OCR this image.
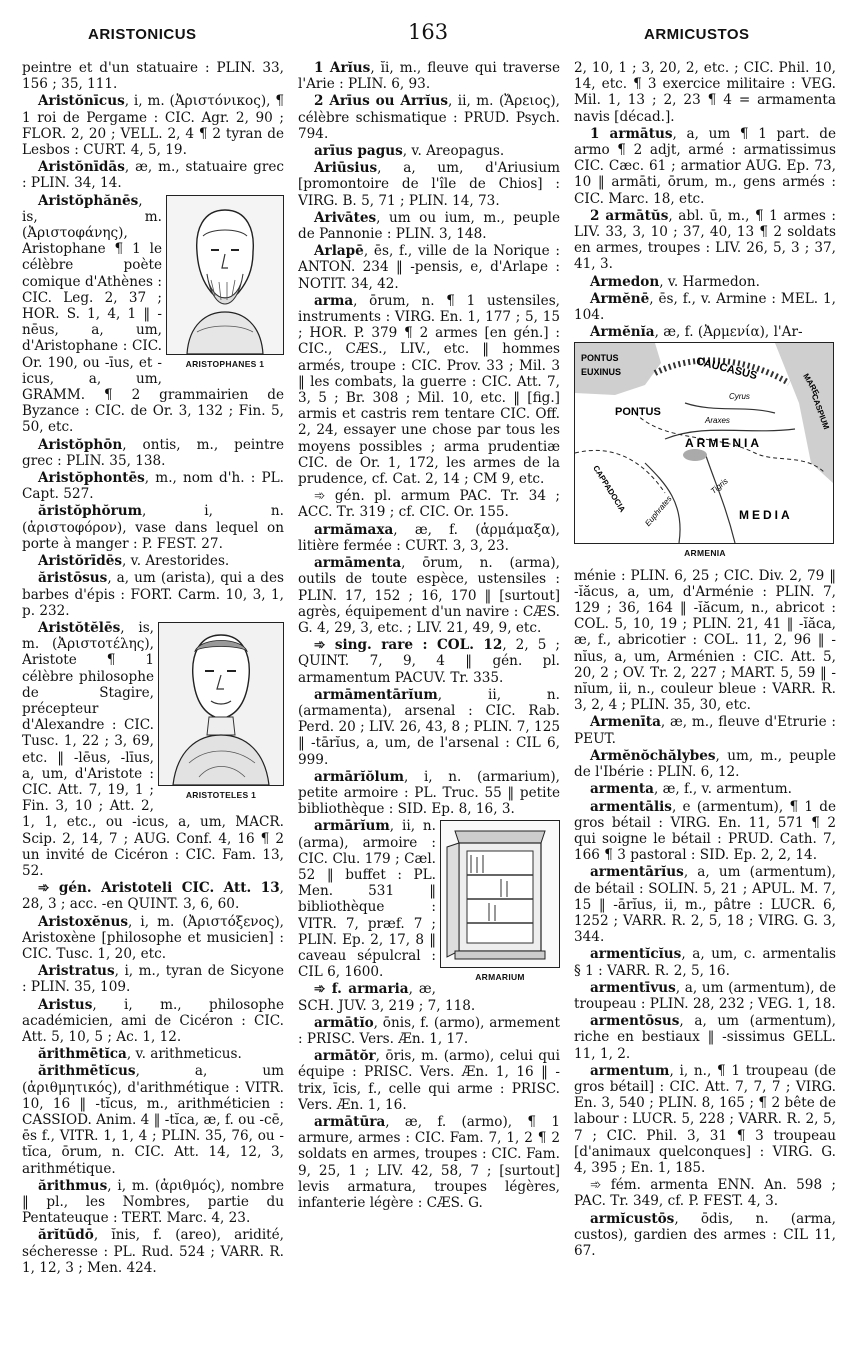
ARISTONICUS	163	ARMICUSTOS

peintre et d'un statuaire : PLIN. 33, 156 ; 35, 111.

Aristŏnīcus, i, m. (Ἀριστόνικος), ¶ 1 roi de Pergame : CIC. Agr. 2, 90 ; FLOR. 2, 20 ; VELL. 2, 4 ¶ 2 tyran de Lesbos : CURT. 4, 5, 19.

Aristŏnīdās, æ, m., statuaire grec : PLIN. 34, 14.

ARISTOPHANES 1

Aristŏphănēs, is, m. (Ἀριστοφάνης), Aristophane ¶ 1 le célèbre poète comique d'Athènes : CIC. Leg. 2, 37 ; HOR. S. 1, 4, 1 ‖ -nēus, a, um, d'Aristophane : CIC. Or. 190, ou -īus, et -icus, a, um, GRAMM. ¶ 2 grammairien de Byzance : CIC. de Or. 3, 132 ; Fin. 5, 50, etc.

Aristŏphōn, ontis, m., peintre grec : PLIN. 35, 138.

Aristŏphontēs, m., nom d'h. : PL. Capt. 527.

ăristŏphŏrum, i, n. (ἀριστοφόρον), vase dans lequel on porte à manger : P. FEST. 27.

Aristŏrīdēs, v. Arestorides.

ăristōsus, a, um (arista), qui a des barbes d'épis : FORT. Carm. 10, 3, 1, p. 232.

ARISTOTELES 1

Aristŏtĕlēs, is, m. (Ἀριστοτέλης), Aristote ¶ 1 célèbre philosophe de Stagire, précepteur d'Alexandre : CIC. Tusc. 1, 22 ; 3, 69, etc. ‖ -lēus, -līus, a, um, d'Aristote : CIC. Att. 7, 19, 1 ; Fin. 3, 10 ; Att. 2, 1, 1, etc., ou -icus, a, um, MACR. Scip. 2, 14, 7 ; AUG. Conf. 4, 16 ¶ 2 un invité de Cicéron : CIC. Fam. 13, 52.

➾ gén. Aristoteli CIC. Att. 13, 28, 3 ; acc. -en QUINT. 3, 6, 60.

Aristoxĕnus, i, m. (Ἀριστόξενος), Aristoxène [philosophe et musicien] : CIC. Tusc. 1, 20, etc.

Aristratus, i, m., tyran de Sicyone : PLIN. 35, 109.

Aristus, i, m., philosophe académicien, ami de Cicéron : CIC. Att. 5, 10, 5 ; Ac. 1, 12.

ărithmētĭca, v. arithmeticus.

ărithmētĭcus, a, um (ἀριθμητικός), d'arithmétique : VITR. 10, 16 ‖ -tĭcus, m., arithméticien : CASSIOD. Anim. 4 ‖ -tĭca, æ, f. ou -cē, ēs f., VITR. 1, 1, 4 ; PLIN. 35, 76, ou -tĭca, ōrum, n. CIC. Att. 14, 12, 3, arithmétique.

ărithmus, i, m. (ἀριθμός), nombre ‖ pl., les Nombres, partie du Pentateuque : TERT. Marc. 4, 23.

ărĭtūdō, ĭnis, f. (areo), aridité, sécheresse : PL. Rud. 524 ; VARR. R. 1, 12, 3 ; Men. 424.

1 Arĭus, ĭi, m., fleuve qui traverse l'Arie : PLIN. 6, 93.

2 Arīus ou Arrĭus, ii, m. (Ἄρειος), célèbre schismatique : PRUD. Psych. 794.

arīus pagus, v. Areopagus.

Ariūsius, a, um, d'Ariusium [promontoire de l'île de Chios] : VIRG. B. 5, 71 ; PLIN. 14, 73.

Arivātes, um ou ium, m., peuple de Pannonie : PLIN. 3, 148.

Arlapē, ēs, f., ville de la Norique : ANTON. 234 ‖ -pensis, e, d'Arlape : NOTIT. 34, 42.

arma, ōrum, n. ¶ 1 ustensiles, instruments : VIRG. En. 1, 177 ; 5, 15 ; HOR. P. 379 ¶ 2 armes [en gén.] : CIC., CÆS., LIV., etc. ‖ hommes armés, troupe : CIC. Prov. 33 ; Mil. 3 ‖ les combats, la guerre : CIC. Att. 7, 3, 5 ; Br. 308 ; Mil. 10, etc. ‖ [fig.] armis et castris rem tentare CIC. Off. 2, 24, essayer une chose par tous les moyens possibles ; arma prudentiæ CIC. de Or. 1, 172, les armes de la prudence, cf. Cat. 2, 14 ; CM 9, etc.

➾ gén. pl. armum PAC. Tr. 34 ; ACC. Tr. 319 ; cf. CIC. Or. 155.

armămaxa, æ, f. (ἁρμάμαξα), litière fermée : CURT. 3, 3, 23.

armāmenta, ōrum, n. (arma), outils de toute espèce, ustensiles : PLIN. 17, 152 ; 16, 170 ‖ [surtout] agrès, équipement d'un navire : CÆS. G. 4, 29, 3, etc. ; LIV. 21, 49, 9, etc.

➾ sing. rare : COL. 12, 2, 5 ; QUINT. 7, 9, 4 ‖ gén. pl. armamentum PACUV. Tr. 335.

armāmentārĭum, ii, n. (armamenta), arsenal : CIC. Rab. Perd. 20 ; LIV. 26, 43, 8 ; PLIN. 7, 125 ‖ -tārĭus, a, um, de l'arsenal : CIL 6, 999.

armārĭŏlum, i, n. (armarium), petite armoire : PL. Truc. 55 ‖ petite bibliothèque : SID. Ep. 8, 16, 3.

ARMARIUM

armārĭum, ii, n. (arma), armoire : CIC. Clu. 179 ; Cæl. 52 ‖ buffet : PL. Men. 531 ‖ bibliothèque : VITR. 7, præf. 7 ; PLIN. Ep. 2, 17, 8 ‖ caveau sépulcral : CIL 6, 1600.

➾ f. armaria, æ, SCH. JUV. 3, 219 ; 7, 118.

armātĭo, ōnis, f. (armo), armement : PRISC. Vers. Æn. 1, 17.

armātŏr, ōris, m. (armo), celui qui équipe : PRISC. Vers. Æn. 1, 16 ‖ -trix, īcis, f., celle qui arme : PRISC. Vers. Æn. 1, 16.

armātūra, æ, f. (armo), ¶ 1 armure, armes : CIC. Fam. 7, 1, 2 ¶ 2 soldats en armes, troupes : CIC. Fam. 9, 25, 1 ; LIV. 42, 58, 7 ; [surtout] levis armatura, troupes légères, infanterie légère : CÆS. G.

2, 10, 1 ; 3, 20, 2, etc. ; CIC. Phil. 10, 14, etc. ¶ 3 exercice militaire : VEG. Mil. 1, 13 ; 2, 23 ¶ 4 = armamenta navis [décad.].

1 armātus, a, um ¶ 1 part. de armo ¶ 2 adjt, armé : armatissimus CIC. Cæc. 61 ; armatior AUG. Ep. 73, 10 ‖ armāti, ōrum, m., gens armés : CIC. Marc. 18, etc.

2 armātŭs, abl. ū, m., ¶ 1 armes : LIV. 33, 3, 10 ; 37, 40, 13 ¶ 2 soldats en armes, troupes : LIV. 26, 5, 3 ; 37, 41, 3.

Armedon, v. Harmedon.

Armĕnē, ēs, f., v. Armine : MEL. 1, 104.

Armĕnĭa, æ, f. (Ἀρμενία), l'Ar-

PONTUS
EUXINUS	CAUCASUS
MARE
CASPIUM
PONTUS
Cyrus
Araxes
ARMENIA
CAPPADOCIA	Tigris
Euphrates	MEDIA
ARMENIA

ménie : PLIN. 6, 25 ; CIC. Div. 2, 79 ‖ -ĭăcus, a, um, d'Arménie : PLIN. 7, 129 ; 36, 164 ‖ -ĭăcum, n., abricot : COL. 5, 10, 19 ; PLIN. 21, 41 ‖ -ĭăca, æ, f., abricotier : COL. 11, 2, 96 ‖ -nĭus, a, um, Arménien : CIC. Att. 5, 20, 2 ; OV. Tr. 2, 227 ; MART. 5, 59 ‖ -nĭum, ii, n., couleur bleue : VARR. R. 3, 2, 4 ; PLIN. 35, 30, etc.

Armenīta, æ, m., fleuve d'Etrurie : PEUT.

Armĕnŏchălybes, um, m., peuple de l'Ibérie : PLIN. 6, 12.

armenta, æ, f., v. armentum.

armentālis, e (armentum), ¶ 1 de gros bétail : VIRG. En. 11, 571 ¶ 2 qui soigne le bétail : PRUD. Cath. 7, 166 ¶ 3 pastoral : SID. Ep. 2, 2, 14.

armentārĭus, a, um (armentum), de bétail : SOLIN. 5, 21 ; APUL. M. 7, 15 ‖ -ārĭus, ii, m., pâtre : LUCR. 6, 1252 ; VARR. R. 2, 5, 18 ; VIRG. G. 3, 344.

armentĭcĭus, a, um, c. armentalis § 1 : VARR. R. 2, 5, 16.

armentīvus, a, um (armentum), de troupeau : PLIN. 28, 232 ; VEG. 1, 18.

armentōsus, a, um (armentum), riche en bestiaux ‖ -sissimus GELL. 11, 1, 2.

armentum, i, n., ¶ 1 troupeau (de gros bétail] : CIC. Att. 7, 7, 7 ; VIRG. En. 3, 540 ; PLIN. 8, 165 ; ¶ 2 bête de labour : LUCR. 5, 228 ; VARR. R. 2, 5, 7 ; CIC. Phil. 3, 31 ¶ 3 troupeau [d'animaux quelconques] : VIRG. G. 4, 395 ; En. 1, 185.

➾ fém. armenta ENN. An. 598 ; PAC. Tr. 349, cf. P. FEST. 4, 3.

armĭcustōs, ōdis, n. (arma, custos), gardien des armes : CIL 11, 67.
